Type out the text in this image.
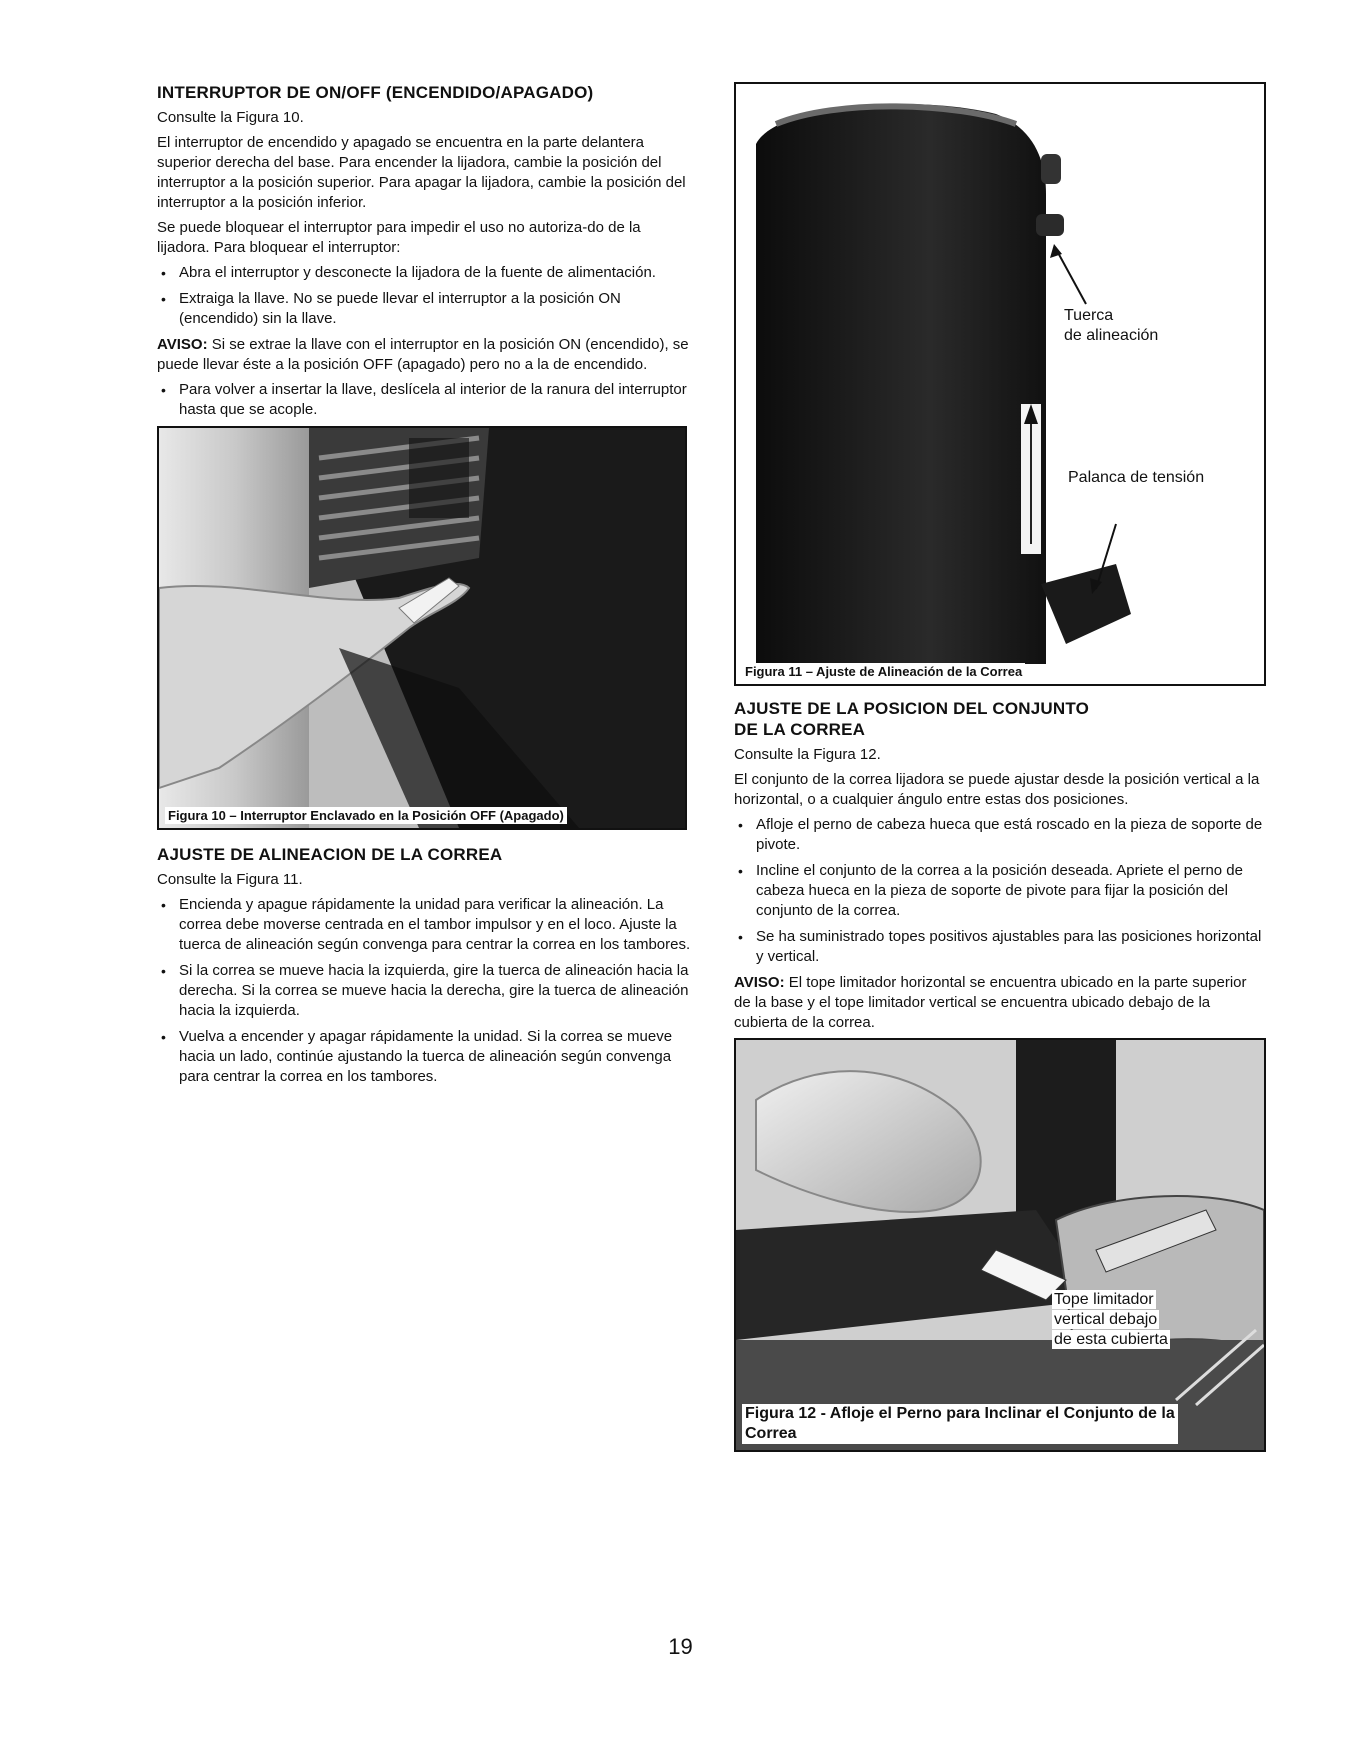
INTERRUPTOR DE ON/OFF (ENCENDIDO/APAGADO)

Consulte la Figura 10.

El interruptor de encendido y apagado se encuentra en la parte delantera superior derecha del base. Para encender la lijadora, cambie la posición del interruptor a la posición superior. Para apagar la lijadora, cambie la posición del interruptor a la posición inferior.

Se puede bloquear el interruptor para impedir el uso no autoriza-do de la lijadora. Para bloquear el interruptor:

• Abra el interruptor y desconecte la lijadora de la fuente de alimentación.
• Extraiga la llave. No se puede llevar el interruptor a la posición ON (encendido) sin la llave.

AVISO: Si se extrae la llave con el interruptor en la posición ON (encendido), se puede llevar éste a la posición OFF (apagado) pero no a la de encendido.

• Para volver a insertar la llave, deslícela al interior de la ranura del interruptor hasta que se acople.
Figura 10 – Interruptor Enclavado en la Posición OFF (Apagado)
AJUSTE DE ALINEACION DE LA CORREA

Consulte la Figura 11.

• Encienda y apague rápidamente la unidad para verificar la alineación. La correa debe moverse centrada en el tambor impulsor y en el loco. Ajuste la tuerca de alineación según convenga para centrar la correa en los tambores.
• Si la correa se mueve hacia la izquierda, gire la tuerca de alineación hacia la derecha. Si la correa se mueve hacia la derecha, gire la tuerca de alineación hacia la izquierda.
• Vuelva a encender y apagar rápidamente la unidad. Si la correa se mueve hacia un lado, continúe ajustando la tuerca de alineación según convenga para centrar la correa en los tambores.
Tuerca
de alineación
Palanca de tensión
Figura 11 – Ajuste de Alineación de la Correa
AJUSTE DE LA POSICION DEL CONJUNTO
DE LA CORREA

Consulte la Figura 12.

El conjunto de la correa lijadora se puede ajustar desde la posición vertical a la horizontal, o a cualquier ángulo entre estas dos posiciones.

• Afloje el perno de cabeza hueca que está roscado en la pieza de soporte de pivote.
• Incline el conjunto de la correa a la posición deseada. Apriete el perno de cabeza hueca en la pieza de soporte de pivote para fijar la posición del conjunto de la correa.
• Se ha suministrado topes positivos ajustables para las posiciones horizontal y vertical.

AVISO: El tope limitador horizontal se encuentra ubicado en la parte superior de la base y el tope limitador vertical se encuentra ubicado debajo de la cubierta de la correa.

Tope limitador
vertical debajo
de esta cubierta
Figura 12 - Afloje el Perno para Inclinar el Conjunto de la
Correa
19
